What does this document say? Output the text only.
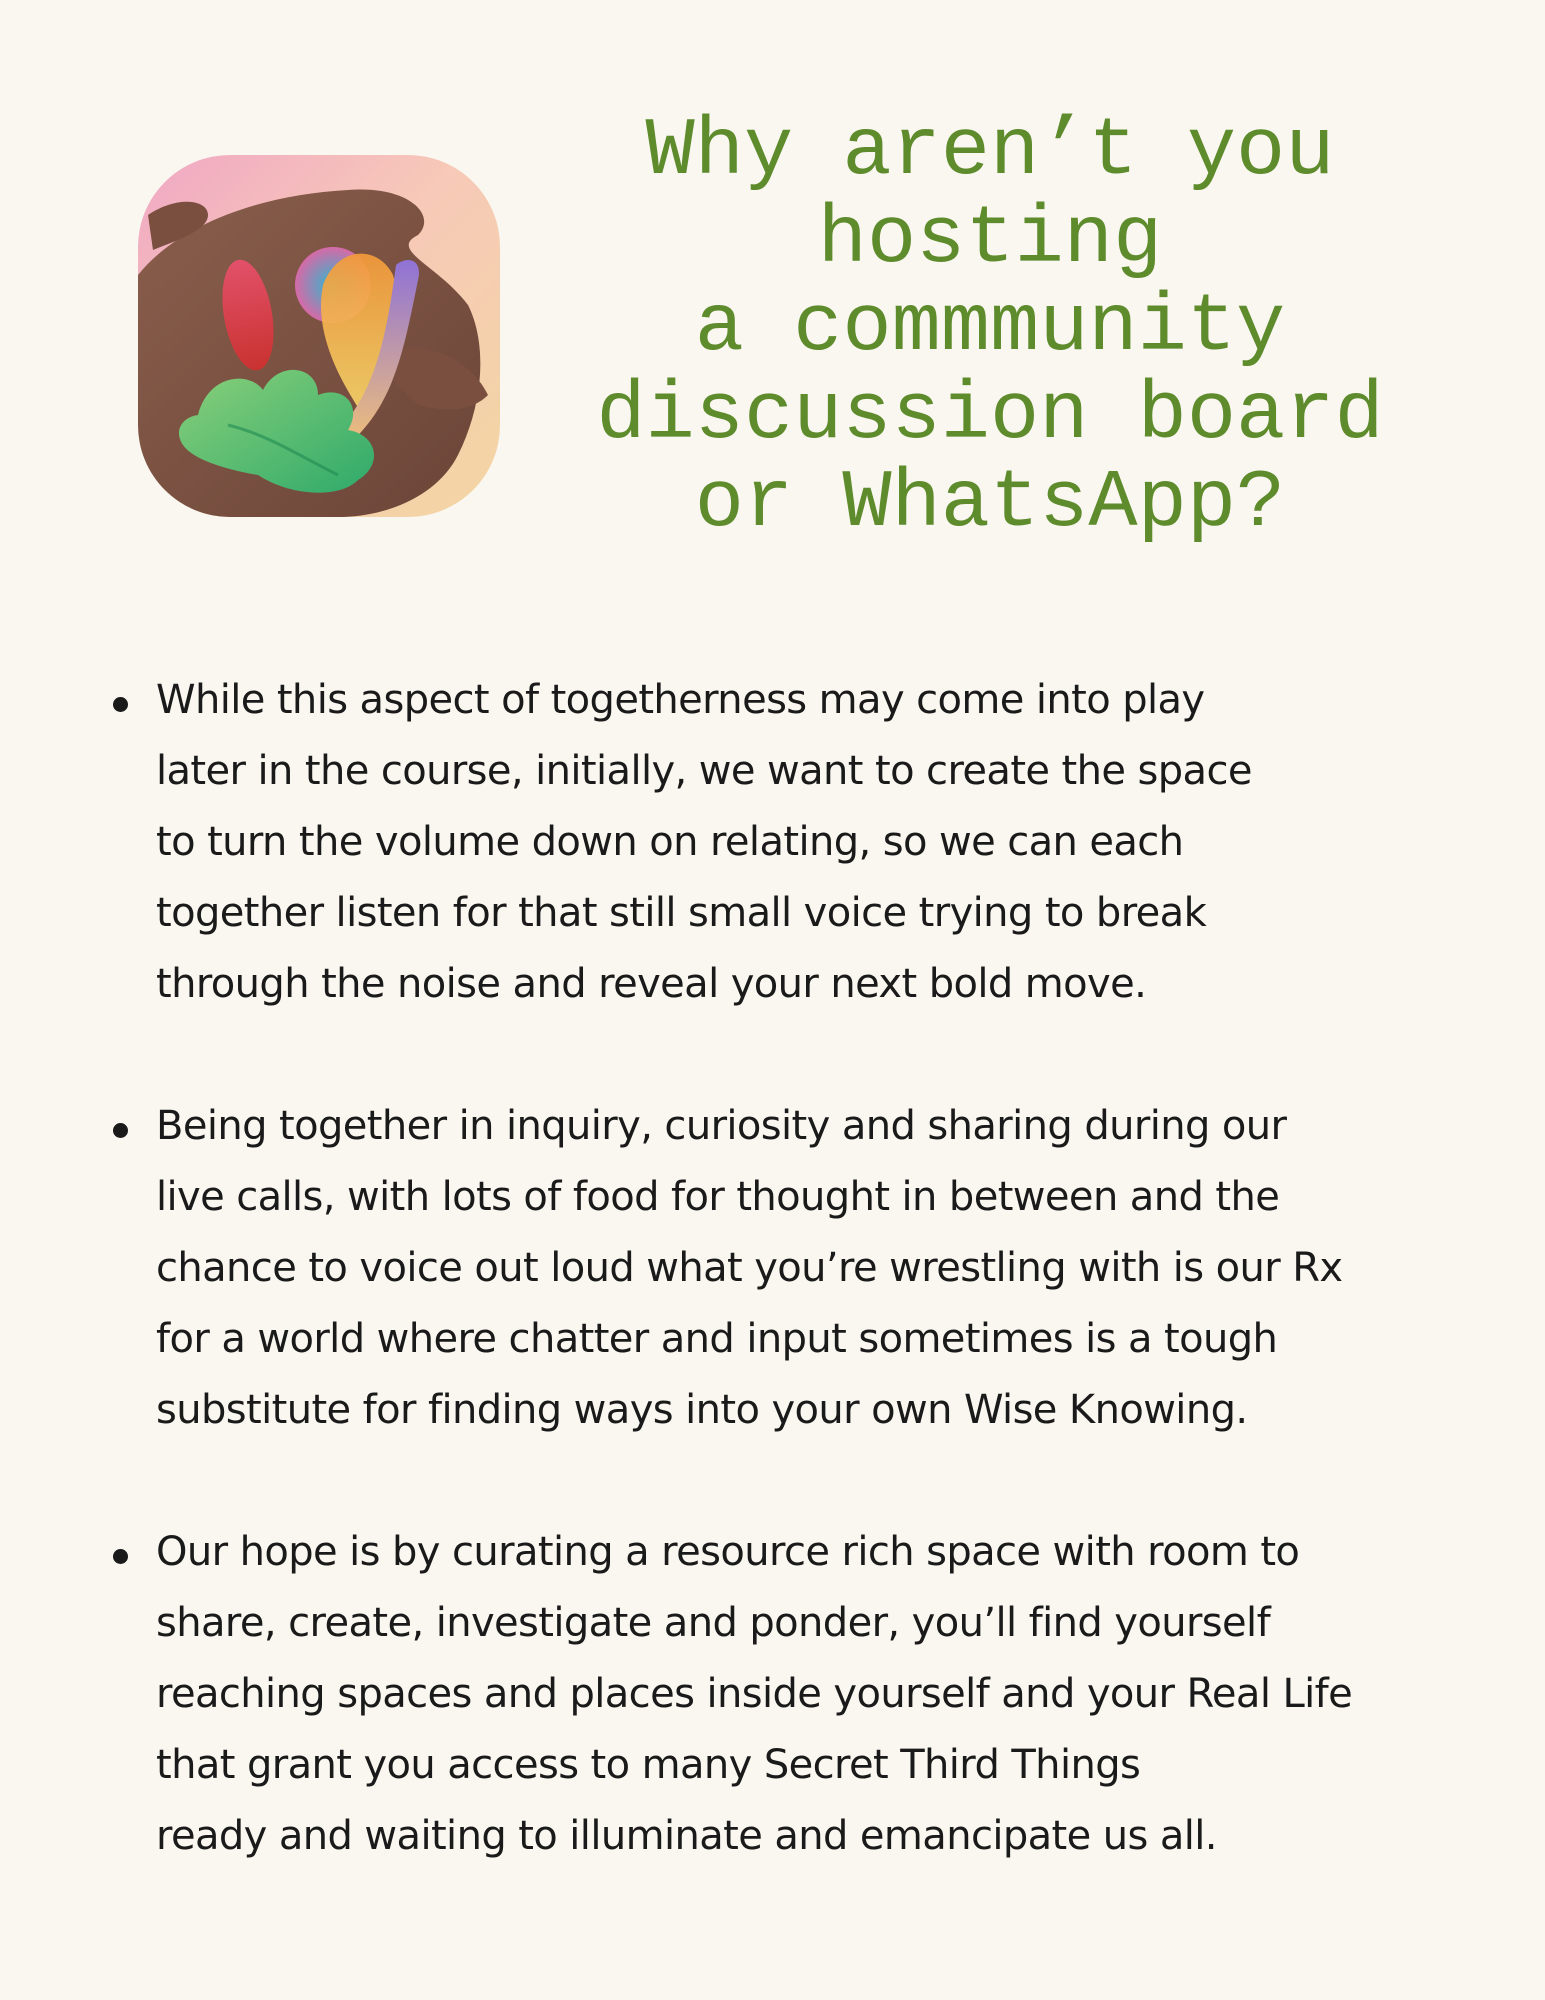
Why aren’t you
hosting
a commmunity
discussion board
or WhatsApp?
While this aspect of togetherness may come into play
later in the course, initially, we want to create the space
to turn the volume down on relating, so we can each
together listen for that still small voice trying to break
through the noise and reveal your next bold move.
Being together in inquiry, curiosity and sharing during our
live calls, with lots of food for thought in between and the
chance to voice out loud what you’re wrestling with is our Rx
for a world where chatter and input sometimes is a tough
substitute for finding ways into your own Wise Knowing.
Our hope is by curating a resource rich space with room to
share, create, investigate and ponder, you’ll find yourself
reaching spaces and places inside yourself and your Real Life
that grant you access to many Secret Third Things
ready and waiting to illuminate and emancipate us all.
